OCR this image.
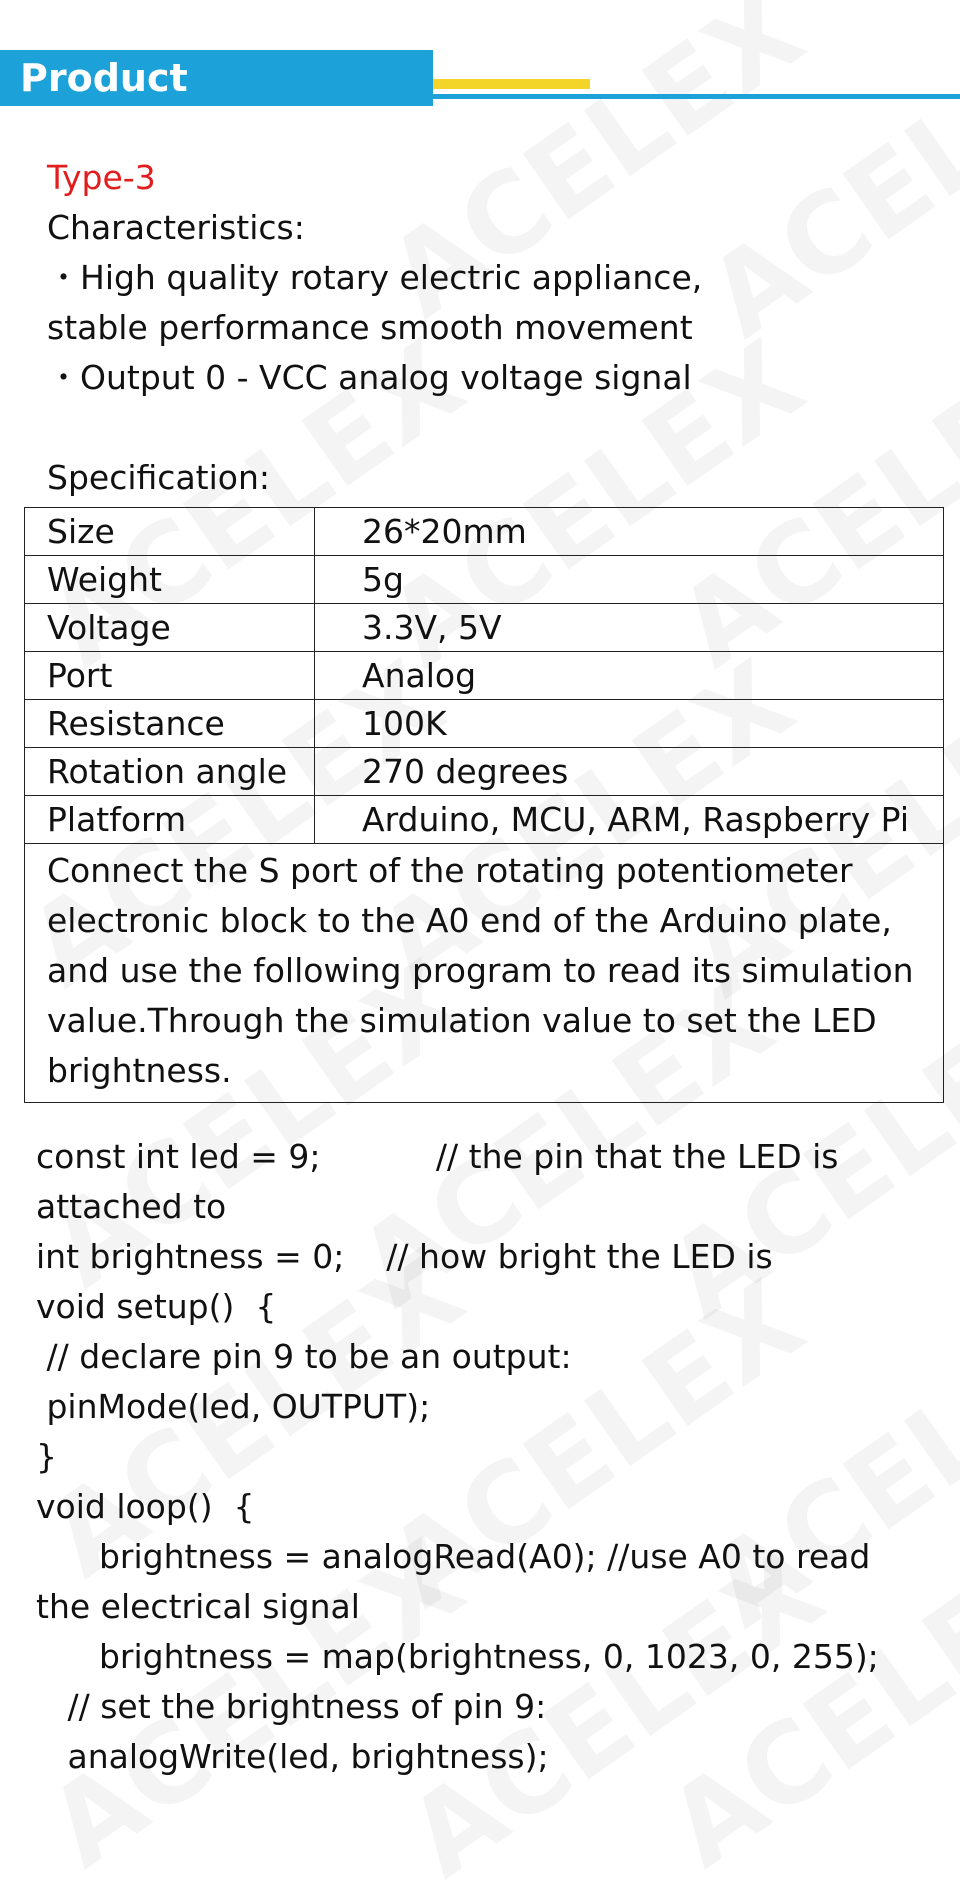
Product description
Type-3
Characteristics:
・High quality rotary electric appliance,
stable performance smooth movement
・Output 0 - VCC analog voltage signal
Specification:
Size	26*20mm
Weight	5g
Voltage	3.3V, 5V
Port	Analog
Resistance	100K
Rotation angle	270 degrees
Platform	Arduino, MCU, ARM, Raspberry Pi
Connect the S port of the rotating potentiometer electronic block to the A0 end of the Arduino plate, and use the following program to read its simulation value.Through the simulation value to set the LED brightness.	
const int led = 9;           // the pin that the LED is
attached to
int brightness = 0;    // how bright the LED is
void setup()  {
// declare pin 9 to be an output:
pinMode(led, OUTPUT);
}
void loop()  {
brightness = analogRead(A0); //use A0 to read
the electrical signal
brightness = map(brightness, 0, 1023, 0, 255);
// set the brightness of pin 9:
analogWrite(led, brightness);
